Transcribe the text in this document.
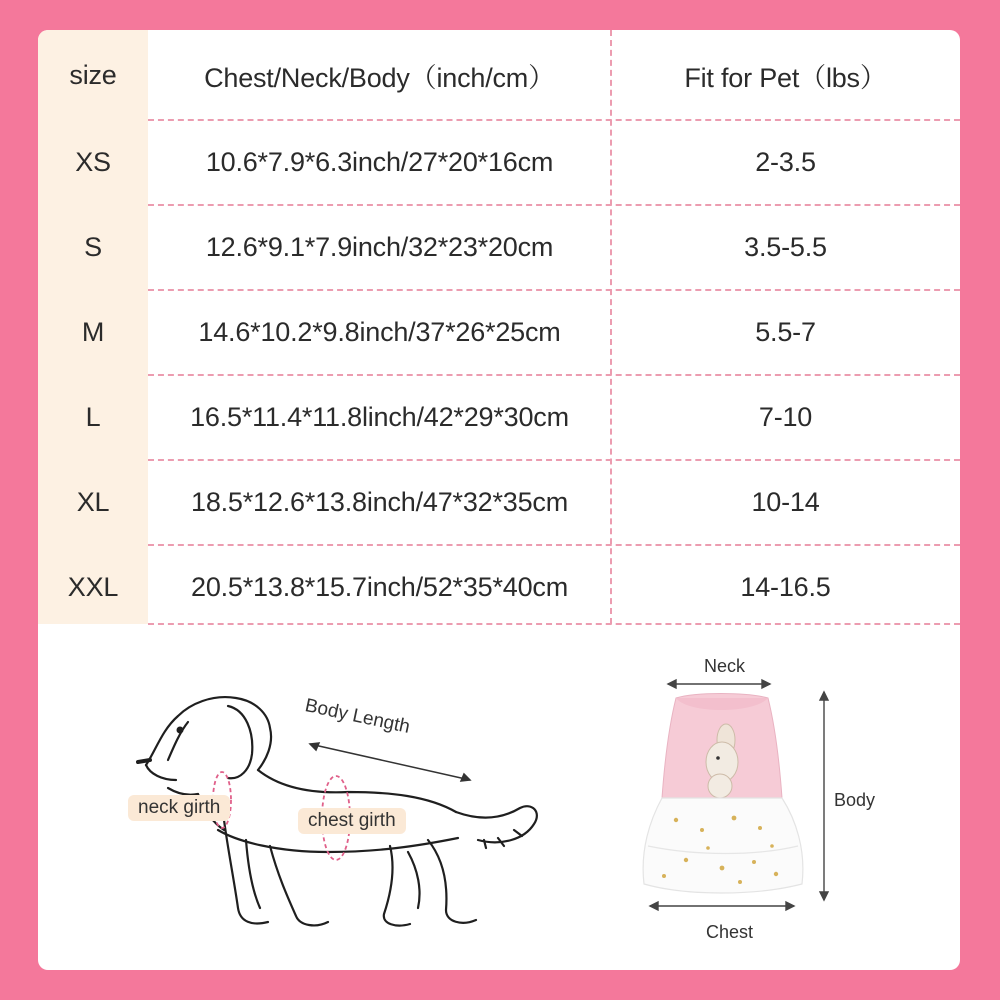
size	Chest/Neck/Body（inch/cm）	Fit for Pet（lbs）
XS	10.6*7.9*6.3inch/27*20*16cm	2-3.5
S	12.6*9.1*7.9inch/32*23*20cm	3.5-5.5
M	14.6*10.2*9.8inch/37*26*25cm	5.5-7
L	16.5*11.4*11.8linch/42*29*30cm	7-10
XL	18.5*12.6*13.8inch/47*32*35cm	10-14
XXL	20.5*13.8*15.7inch/52*35*40cm	14-16.5
Body Length
neck girth
chest girth
Neck
Body
Chest
